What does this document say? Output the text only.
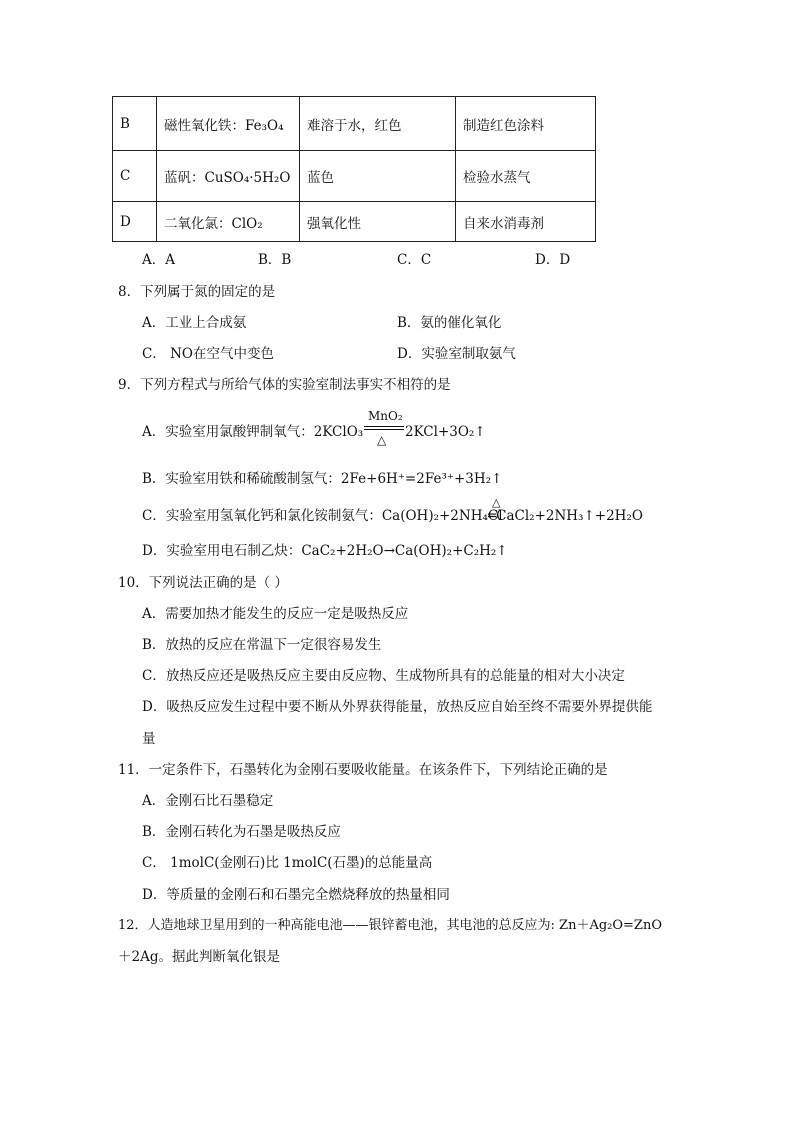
B	磁性氧化铁：Fe₃O₄	难溶于水，红色	制造红色涂料
C	蓝矾：CuSO₄·5H₂O	蓝色	检验水蒸气
D	二氧化氯：ClO₂	强氧化性	自来水消毒剂
A．A	B．B	C．C	D．D
8．下列属于氮的固定的是
A．工业上合成氨	B．氨的催化氧化
C． NO在空气中变色	D．实验室制取氨气
9．下列方程式与所给气体的实验室制法事实不相符的是
A．实验室用氯酸钾制氧气：2KClO₃
MnO₂
△ 2KCl+3O₂↑
B．实验室用铁和稀硫酸制氢气：2Fe+6H⁺=2Fe³⁺+3H₂↑
C．实验室用氢氧化钙和氯化铵制氨气：Ca(OH)₂+2NH₄Cl
△
═CaCl₂+2NH₃↑+2H₂O
D．实验室用电石制乙炔：CaC₂+2H₂O→Ca(OH)₂+C₂H₂↑
10．下列说法正确的是（ ）
A．需要加热才能发生的反应一定是吸热反应
B．放热的反应在常温下一定很容易发生
C．放热反应还是吸热反应主要由反应物、生成物所具有的总能量的相对大小决定
D．吸热反应发生过程中要不断从外界获得能量，放热反应自始至终不需要外界提供能
量
11．一定条件下，石墨转化为金刚石要吸收能量。在该条件下，下列结论正确的是
A．金刚石比石墨稳定
B．金刚石转化为石墨是吸热反应
C． 1molC(金刚石)比 1molC(石墨)的总能量高
D．等质量的金刚石和石墨完全燃烧释放的热量相同
12．人造地球卫星用到的一种高能电池——银锌蓄电池，其电池的总反应为: Zn＋Ag₂O=ZnO
＋2Ag。据此判断氧化银是
